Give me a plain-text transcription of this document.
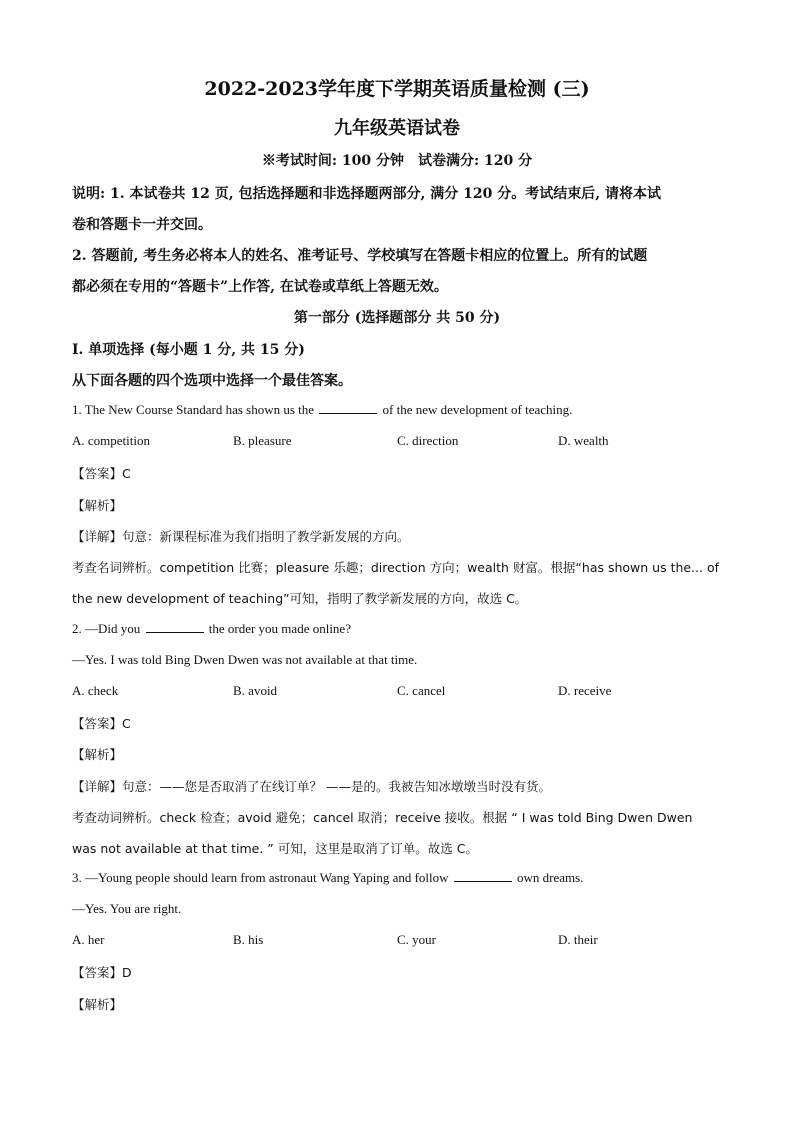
2022-2023学年度下学期英语质量检测 (三)
九年级英语试卷
※考试时间: 100 分钟　试卷满分: 120 分
说明: 1. 本试卷共 12 页, 包括选择题和非选择题两部分, 满分 120 分。考试结束后, 请将本试
卷和答题卡一并交回。
2. 答题前, 考生务必将本人的姓名、准考证号、学校填写在答题卡相应的位置上。所有的试题
都必须在专用的“答题卡”上作答, 在试卷或草纸上答题无效。
第一部分 (选择题部分 共 50 分)
I. 单项选择 (每小题 1 分, 共 15 分)
从下面各题的四个选项中选择一个最佳答案。
1. The New Course Standard has shown us the	of the new development of teaching.
A. competition	B. pleasure	C. direction	D. wealth
【答案】C
【解析】
【详解】句意：新课程标准为我们指明了教学新发展的方向。
考查名词辨析。competition 比赛；pleasure 乐趣；direction 方向；wealth 财富。根据“has shown us the... of
the new development of teaching”可知，指明了教学新发展的方向，故选 C。
2. —Did you	the order you made online?
—Yes. I was told Bing Dwen Dwen was not available at that time.
A. check	B. avoid	C. cancel	D. receive
【答案】C
【解析】
【详解】句意：——您是否取消了在线订单？ ——是的。我被告知冰墩墩当时没有货。
考查动词辨析。check 检查；avoid 避免；cancel 取消；receive 接收。根据 “ I was told Bing Dwen Dwen
was not available at that time. ” 可知，这里是取消了订单。故选 C。
3. —Young people should learn from astronaut Wang Yaping and follow	own dreams.
—Yes. You are right.
A. her	B. his	C. your	D. their
【答案】D
【解析】
